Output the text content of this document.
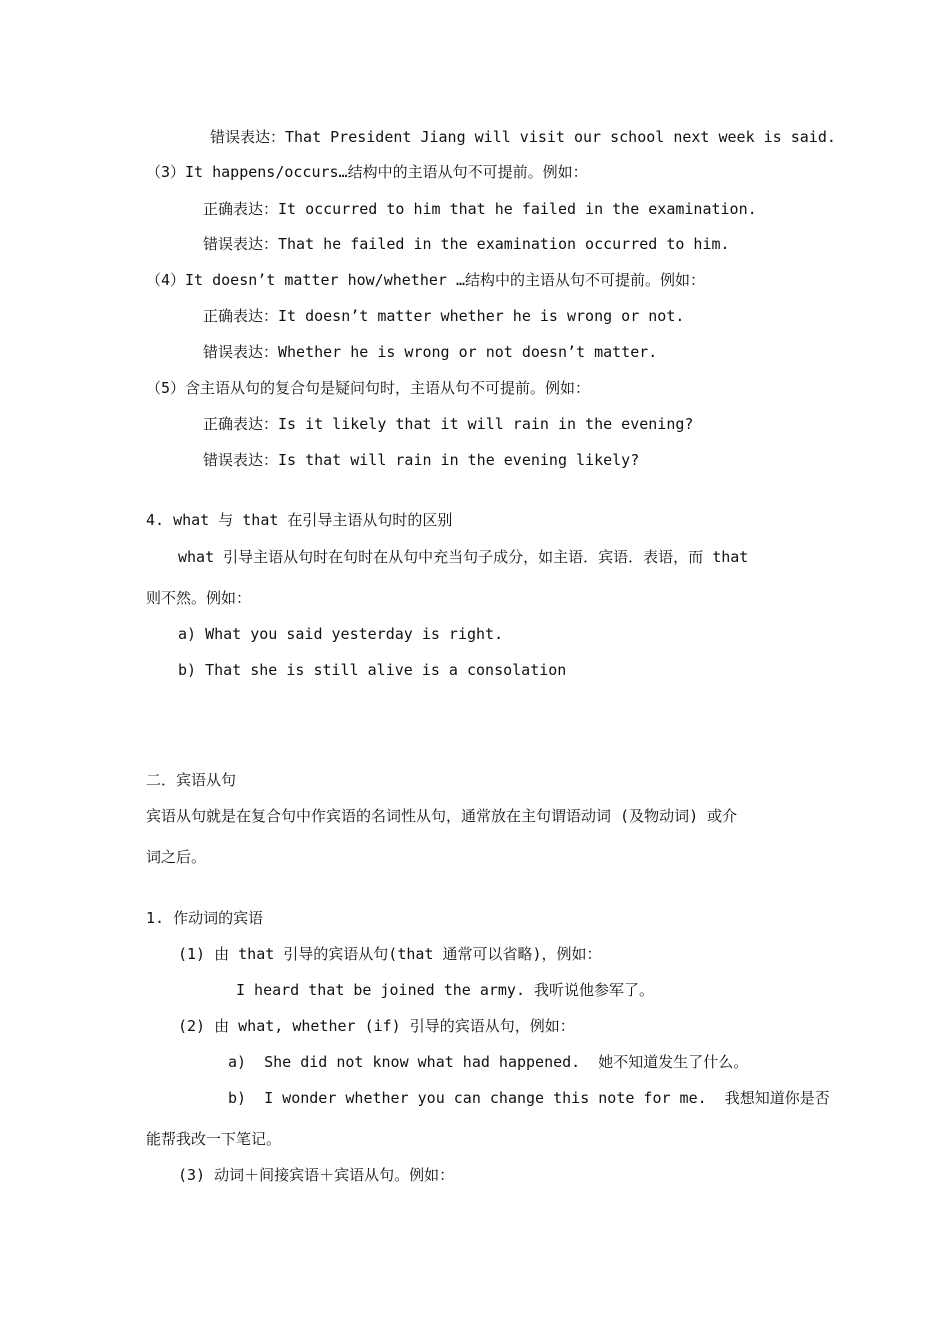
错误表达：That President Jiang will visit our school next week is said.
（3）It happens/occurs…结构中的主语从句不可提前。例如：
正确表达：It occurred to him that he failed in the examination.
错误表达：That he failed in the examination occurred to him.
（4）It doesn’t matter how/whether …结构中的主语从句不可提前。例如：
正确表达：It doesn’t matter whether he is wrong or not.
错误表达：Whether he is wrong or not doesn’t matter.
（5）含主语从句的复合句是疑问句时，主语从句不可提前。例如：
正确表达：Is it likely that it will rain in the evening?
错误表达：Is that will rain in the evening likely?
4. what 与 that 在引导主语从句时的区别
what 引导主语从句时在句时在从句中充当句子成分，如主语．宾语．表语，而 that
则不然。例如：
a) What you said yesterday is right.
b) That she is still alive is a consolation
二．宾语从句
宾语从句就是在复合句中作宾语的名词性从句，通常放在主句谓语动词 (及物动词) 或介
词之后。
1. 作动词的宾语
(1) 由 that 引导的宾语从句(that 通常可以省略)，例如：
I heard that be joined the army. 我听说他参军了。
(2) 由 what, whether (if) 引导的宾语从句，例如：
a)  She did not know what had happened.  她不知道发生了什么。
b)  I wonder whether you can change this note for me.  我想知道你是否
能帮我改一下笔记。
(3) 动词＋间接宾语＋宾语从句。例如：
